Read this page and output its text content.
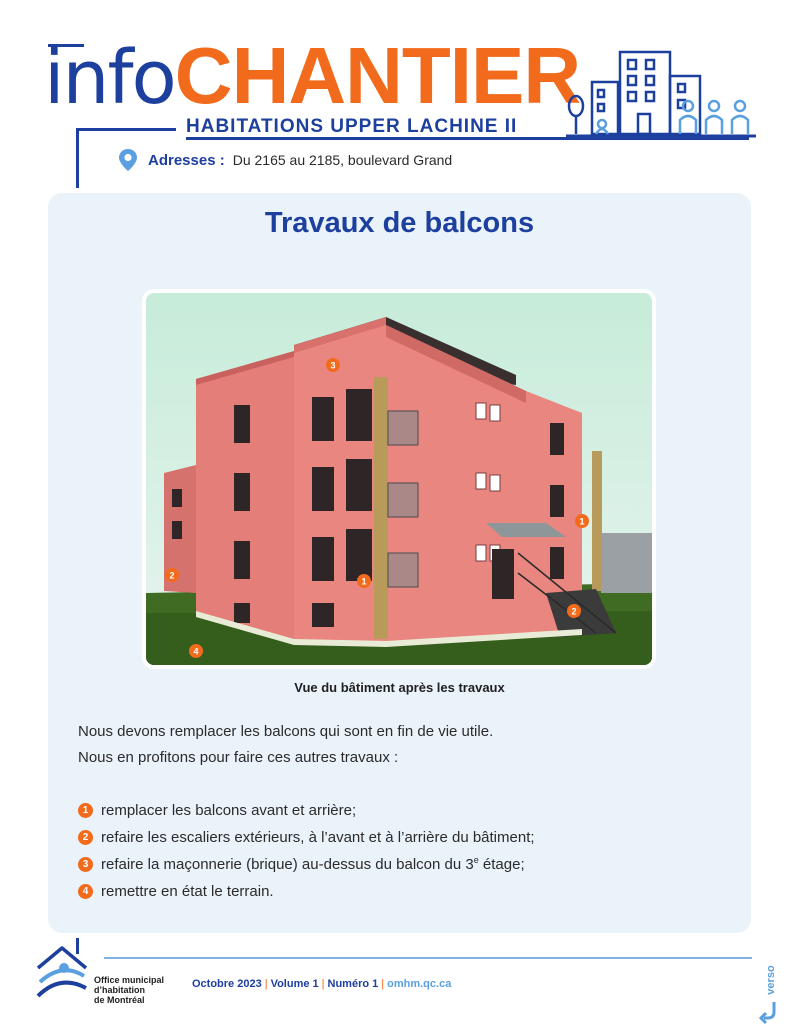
infoCHANTIER
HABITATIONS UPPER LACHINE II
Adresses : Du 2165 au 2185, boulevard Grand
Travaux de balcons
3
1
1
2
2
4
Vue du bâtiment après les travaux
Nous devons remplacer les balcons qui sont en fin de vie utile.
Nous en profitons pour faire ces autres travaux :
1 remplacer les balcons avant et arrière;
2 refaire les escaliers extérieurs, à l’avant et à l’arrière du bâtiment;
3 refaire la maçonnerie (brique) au-dessus du balcon du 3e étage;
4 remettre en état le terrain.
Office municipal
d’habitation
de Montréal
Octobre 2023 | Volume 1 | Numéro 1 | omhm.qc.ca	verso
